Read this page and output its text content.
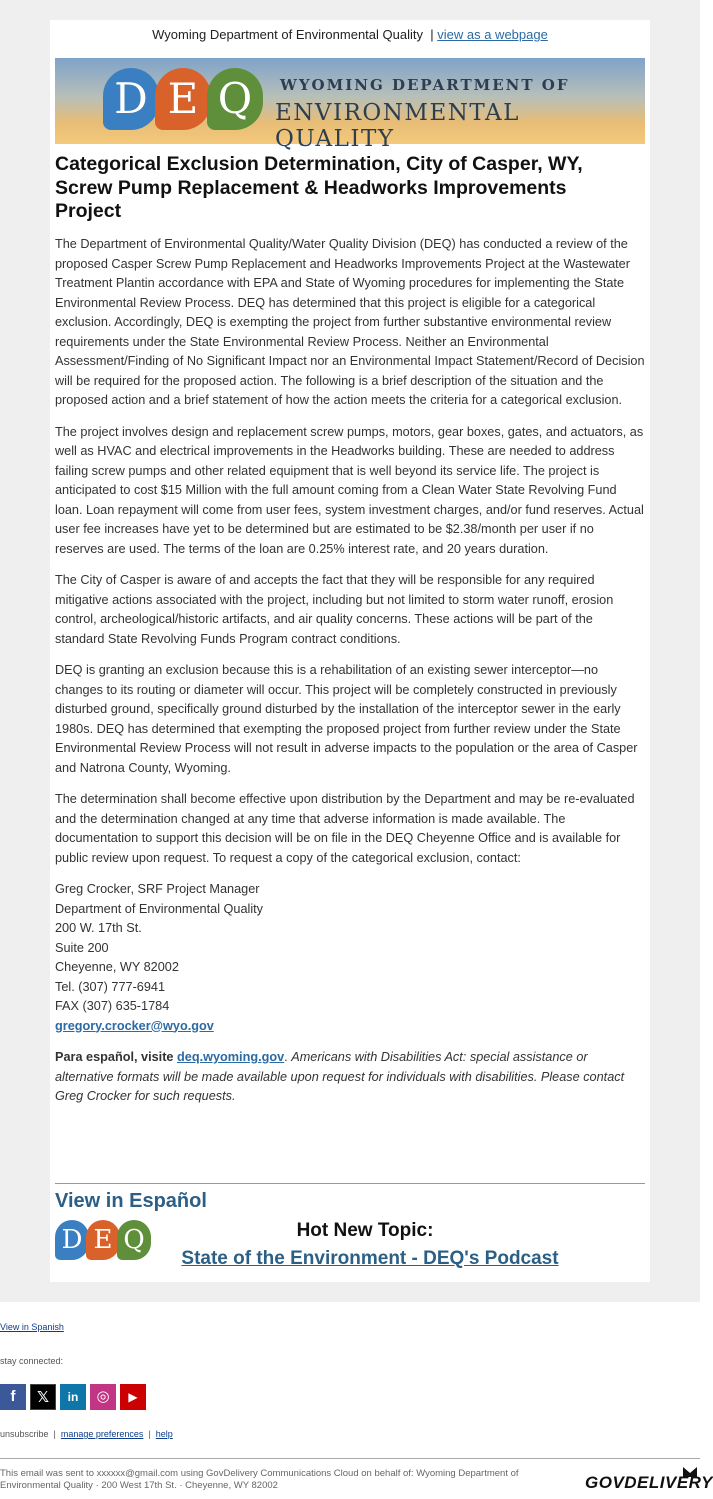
Wyoming Department of Environmental Quality | view as a webpage
D E Q	WYOMING DEPARTMENT OF
ENVIRONMENTAL QUALITY
Categorical Exclusion Determination, City of Casper, WY, Screw Pump Replacement & Headworks Improvements Project

The Department of Environmental Quality/Water Quality Division (DEQ) has conducted a review of the proposed Casper Screw Pump Replacement and Headworks Improvements Project at the Wastewater Treatment Plantin accordance with EPA and State of Wyoming procedures for implementing the State Environmental Review Process. DEQ has determined that this project is eligible for a categorical exclusion. Accordingly, DEQ is exempting the project from further substantive environmental review requirements under the State Environmental Review Process. Neither an Environmental Assessment/Finding of No Significant Impact nor an Environmental Impact Statement/Record of Decision will be required for the proposed action. The following is a brief description of the situation and the proposed action and a brief statement of how the action meets the criteria for a categorical exclusion.

The project involves design and replacement screw pumps, motors, gear boxes, gates, and actuators, as well as HVAC and electrical improvements in the Headworks building. These are needed to address failing screw pumps and other related equipment that is well beyond its service life. The project is anticipated to cost $15 Million with the full amount coming from a Clean Water State Revolving Fund loan. Loan repayment will come from user fees, system investment charges, and/or fund reserves. Actual user fee increases have yet to be determined but are estimated to be $2.38/month per user if no reserves are used. The terms of the loan are 0.25% interest rate, and 20 years duration.

The City of Casper is aware of and accepts the fact that they will be responsible for any required mitigative actions associated with the project, including but not limited to storm water runoff, erosion control, archeological/historic artifacts, and air quality concerns. These actions will be part of the standard State Revolving Funds Program contract conditions.

DEQ is granting an exclusion because this is a rehabilitation of an existing sewer interceptor—no changes to its routing or diameter will occur. This project will be completely constructed in previously disturbed ground, specifically ground disturbed by the installation of the interceptor sewer in the early 1980s. DEQ has determined that exempting the proposed project from further review under the State Environmental Review Process will not result in adverse impacts to the population or the area of Casper and Natrona County, Wyoming.

The determination shall become effective upon distribution by the Department and may be re-evaluated and the determination changed at any time that adverse information is made available. The documentation to support this decision will be on file in the DEQ Cheyenne Office and is available for public review upon request. To request a copy of the categorical exclusion, contact:

Greg Crocker, SRF Project Manager
Department of Environmental Quality
200 W. 17th St.
Suite 200
Cheyenne, WY 82002
Tel. (307) 777-6941
FAX (307) 635-1784
gregory.crocker@wyo.gov

Para español, visite deq.wyoming.gov. Americans with Disabilities Act: special assistance or alternative formats will be made available upon request for individuals with disabilities. Please contact Greg Crocker for such requests.

View in Español
D E Q	Hot New Topic:
State of the Environment - DEQ's Podcast
View in Spanish
stay connected:
f	𝕏	in	◎	▶
unsubscribe | manage preferences | help
This email was sent to xxxxxx@gmail.com using GovDelivery Communications Cloud on behalf of: Wyoming Department of Environmental Quality · 200 West 17th St. · Cheyenne, WY 82002	GOVDELIVERY
